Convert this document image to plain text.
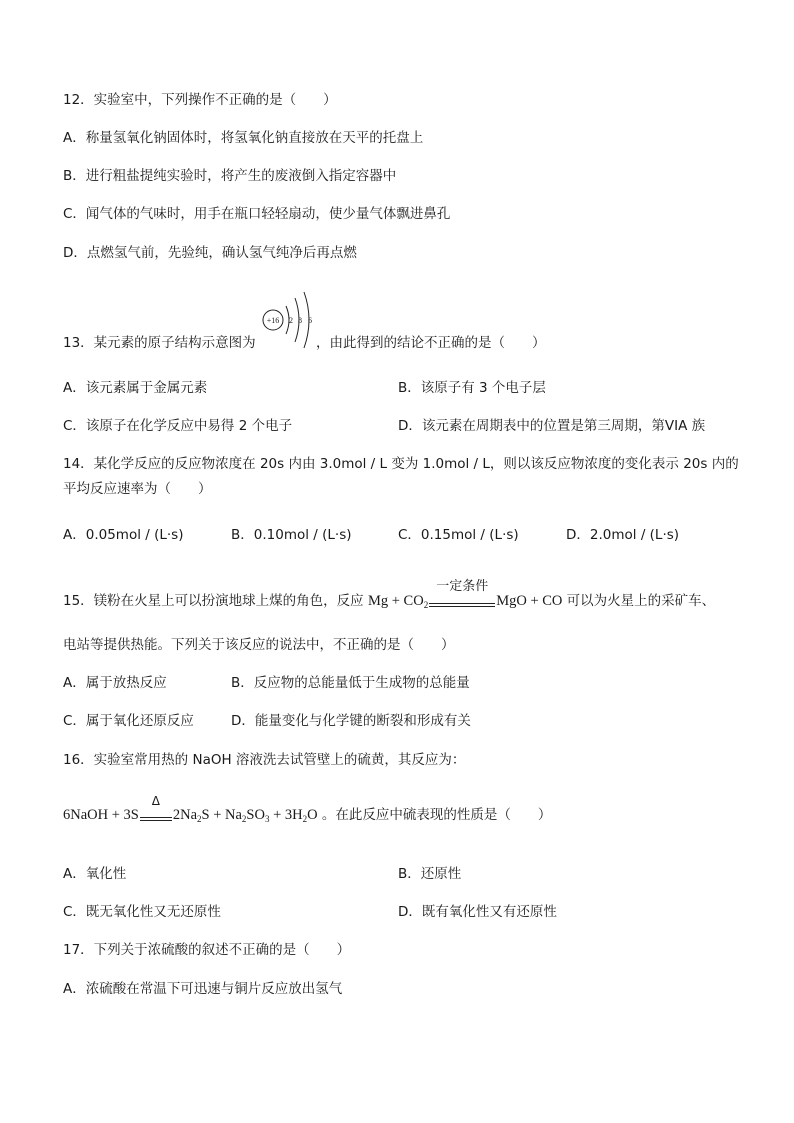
12．实验室中，下列操作不正确的是（　　）
A．称量氢氧化钠固体时，将氢氧化钠直接放在天平的托盘上
B．进行粗盐提纯实验时，将产生的废液倒入指定容器中
C．闻气体的气味时，用手在瓶口轻轻扇动，使少量气体飘进鼻孔
D．点燃氢气前，先验纯，确认氢气纯净后再点燃
13．某元素的原子结构示意图为
+16 2 8 6
，由此得到的结论不正确的是（　　）
A．该元素属于金属元素	B．该原子有 3 个电子层
C．该原子在化学反应中易得 2 个电子	D．该元素在周期表中的位置是第三周期，第VIA 族
14．某化学反应的反应物浓度在 20s 内由 3.0mol / L 变为 1.0mol / L，则以该反应物浓度的变化表示 20s 内的
平均反应速率为（　　）
A．0.05mol / (L·s)	B．0.10mol / (L·s)	C．0.15mol / (L·s)	D．2.0mol / (L·s)
15．镁粉在火星上可以扮演地球上煤的角色，反应 $Mg + CO_2$
一定条件
MgO + CO 可以为火星上的采矿车、
电站等提供热能。下列关于该反应的说法中，不正确的是（　　）
A．属于放热反应	B．反应物的总能量低于生成物的总能量
C．属于氧化还原反应	D．能量变化与化学键的断裂和形成有关
16．实验室常用热的 NaOH 溶液洗去试管壁上的硫黄，其反应为：
6NaOH + 3S
Δ
$2Na_2S + Na_2SO_3 + 3H_2O$ 。在此反应中硫表现的性质是（　　）
A．氧化性	B．还原性
C．既无氧化性又无还原性	D．既有氧化性又有还原性
17．下列关于浓硫酸的叙述不正确的是（　　）
A．浓硫酸在常温下可迅速与铜片反应放出氢气
